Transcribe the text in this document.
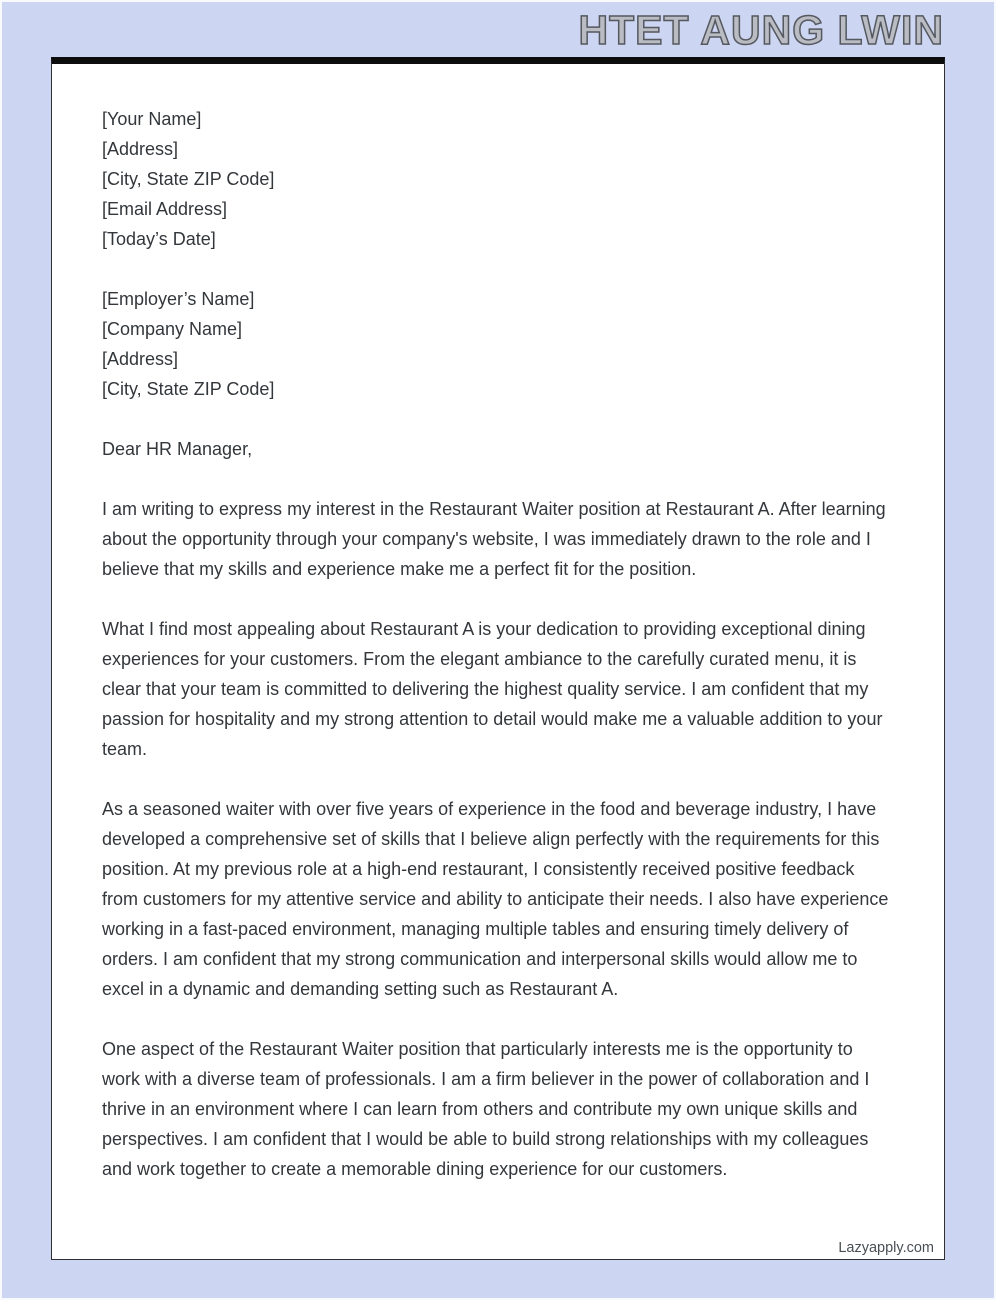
HTET AUNG LWIN
[Your Name]
[Address]
[City, State ZIP Code]
[Email Address]
[Today’s Date]
[Employer’s Name]
[Company Name]
[Address]
[City, State ZIP Code]
Dear HR Manager,

I am writing to express my interest in the Restaurant Waiter position at Restaurant A. After learning about the opportunity through your company's website, I was immediately drawn to the role and I believe that my skills and experience make me a perfect fit for the position.

What I find most appealing about Restaurant A is your dedication to providing exceptional dining experiences for your customers. From the elegant ambiance to the carefully curated menu, it is clear that your team is committed to delivering the highest quality service. I am confident that my passion for hospitality and my strong attention to detail would make me a valuable addition to your team.

As a seasoned waiter with over five years of experience in the food and beverage industry, I have developed a comprehensive set of skills that I believe align perfectly with the requirements for this position. At my previous role at a high-end restaurant, I consistently received positive feedback from customers for my attentive service and ability to anticipate their needs. I also have experience working in a fast-paced environment, managing multiple tables and ensuring timely delivery of orders. I am confident that my strong communication and interpersonal skills would allow me to excel in a dynamic and demanding setting such as Restaurant A.

One aspect of the Restaurant Waiter position that particularly interests me is the opportunity to work with a diverse team of professionals. I am a firm believer in the power of collaboration and I thrive in an environment where I can learn from others and contribute my own unique skills and perspectives. I am confident that I would be able to build strong relationships with my colleagues and work together to create a memorable dining experience for our customers.

Lazyapply.com
